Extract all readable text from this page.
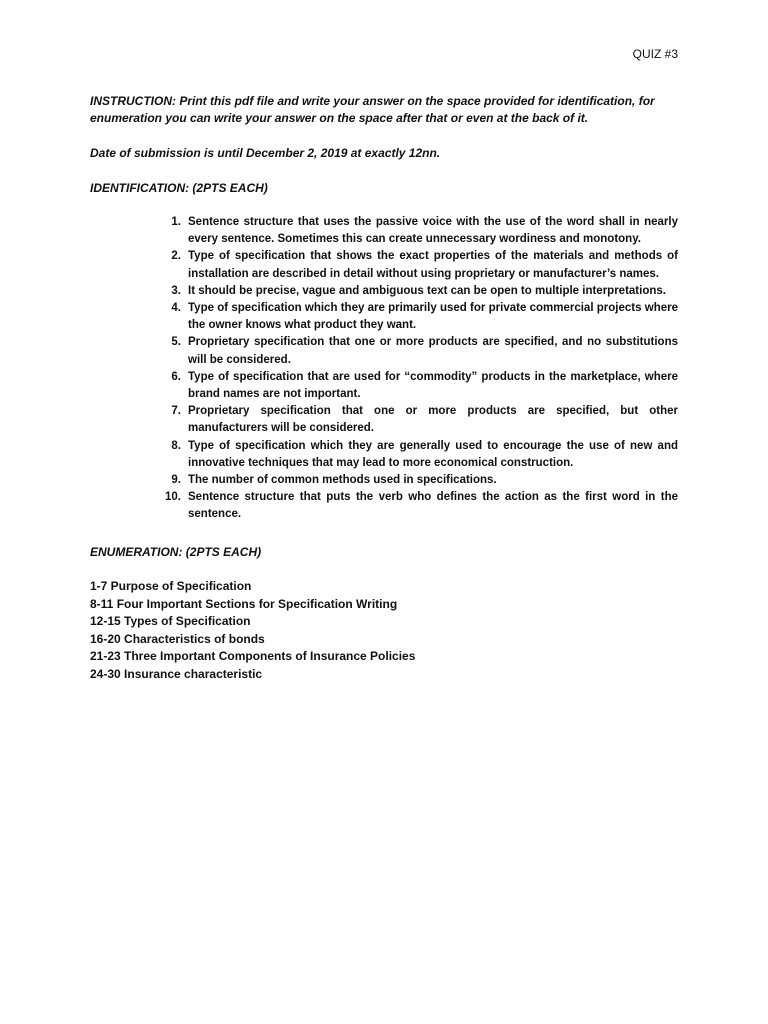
QUIZ #3
INSTRUCTION: Print this pdf file and write your answer on the space provided for identification, for enumeration you can write your answer on the space after that or even at the back of it.
Date of submission is until December 2, 2019 at exactly 12nn.
IDENTIFICATION: (2PTS EACH)
1. Sentence structure that uses the passive voice with the use of the word shall in nearly every sentence. Sometimes this can create unnecessary wordiness and monotony.
2. Type of specification that shows the exact properties of the materials and methods of installation are described in detail without using proprietary or manufacturer’s names.
3. It should be precise, vague and ambiguous text can be open to multiple interpretations.
4. Type of specification which they are primarily used for private commercial projects where the owner knows what product they want.
5. Proprietary specification that one or more products are specified, and no substitutions will be considered.
6. Type of specification that are used for “commodity” products in the marketplace, where brand names are not important.
7. Proprietary specification that one or more products are specified, but other manufacturers will be considered.
8. Type of specification which they are generally used to encourage the use of new and innovative techniques that may lead to more economical construction.
9. The number of common methods used in specifications.
10. Sentence structure that puts the verb who defines the action as the first word in the sentence.
ENUMERATION: (2PTS EACH)
1-7 Purpose of Specification
8-11 Four Important Sections for Specification Writing
12-15 Types of Specification
16-20 Characteristics of bonds
21-23 Three Important Components of Insurance Policies
24-30 Insurance characteristic
